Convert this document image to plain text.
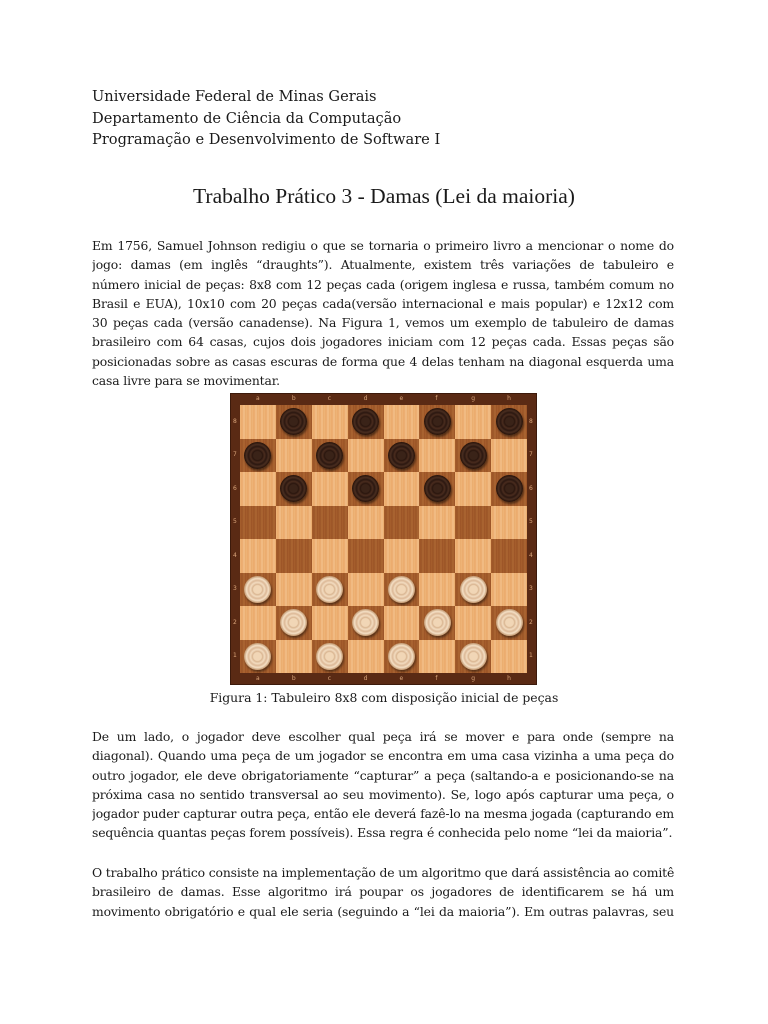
Universidade Federal de Minas Gerais
Departamento de Ciência da Computação
Programação e Desenvolvimento de Software I
Trabalho Prático 3 - Damas (Lei da maioria)
Em 1756, Samuel Johnson redigiu o que se tornaria o primeiro livro a mencionar o nome do
jogo: damas (em inglês “draughts”). Atualmente, existem três variações de tabuleiro e
número inicial de peças: 8x8 com 12 peças cada (origem inglesa e russa, também comum no
Brasil e EUA), 10x10 com 20 peças cada(versão internacional e mais popular) e 12x12 com
30 peças cada (versão canadense). Na Figura 1, vemos um exemplo de tabuleiro de damas
brasileiro com 64 casas, cujos dois jogadores iniciam com 12 peças cada. Essas peças são
posicionadas sobre as casas escuras de forma que 4 delas tenham na diagonal esquerda uma
casa livre para se movimentar.
a
a
b
b
c
c
d
d
e
e
f
f
g
g
h
h
8	8
7	7
6	6
5	5
4	4
3	3
2	2
1	1
Figura 1: Tabuleiro 8x8 com disposição inicial de peças
De um lado, o jogador deve escolher qual peça irá se mover e para onde (sempre na
diagonal). Quando uma peça de um jogador se encontra em uma casa vizinha a uma peça do
outro jogador, ele deve obrigatoriamente “capturar” a peça (saltando-a e posicionando-se na
próxima casa no sentido transversal ao seu movimento). Se, logo após capturar uma peça, o
jogador puder capturar outra peça, então ele deverá fazê-lo na mesma jogada (capturando em
sequência quantas peças forem possíveis). Essa regra é conhecida pelo nome “lei da maioria”.
O trabalho prático consiste na implementação de um algoritmo que dará assistência ao comitê
brasileiro de damas. Esse algoritmo irá poupar os jogadores de identificarem se há um
movimento obrigatório e qual ele seria (seguindo a “lei da maioria”). Em outras palavras, seu
